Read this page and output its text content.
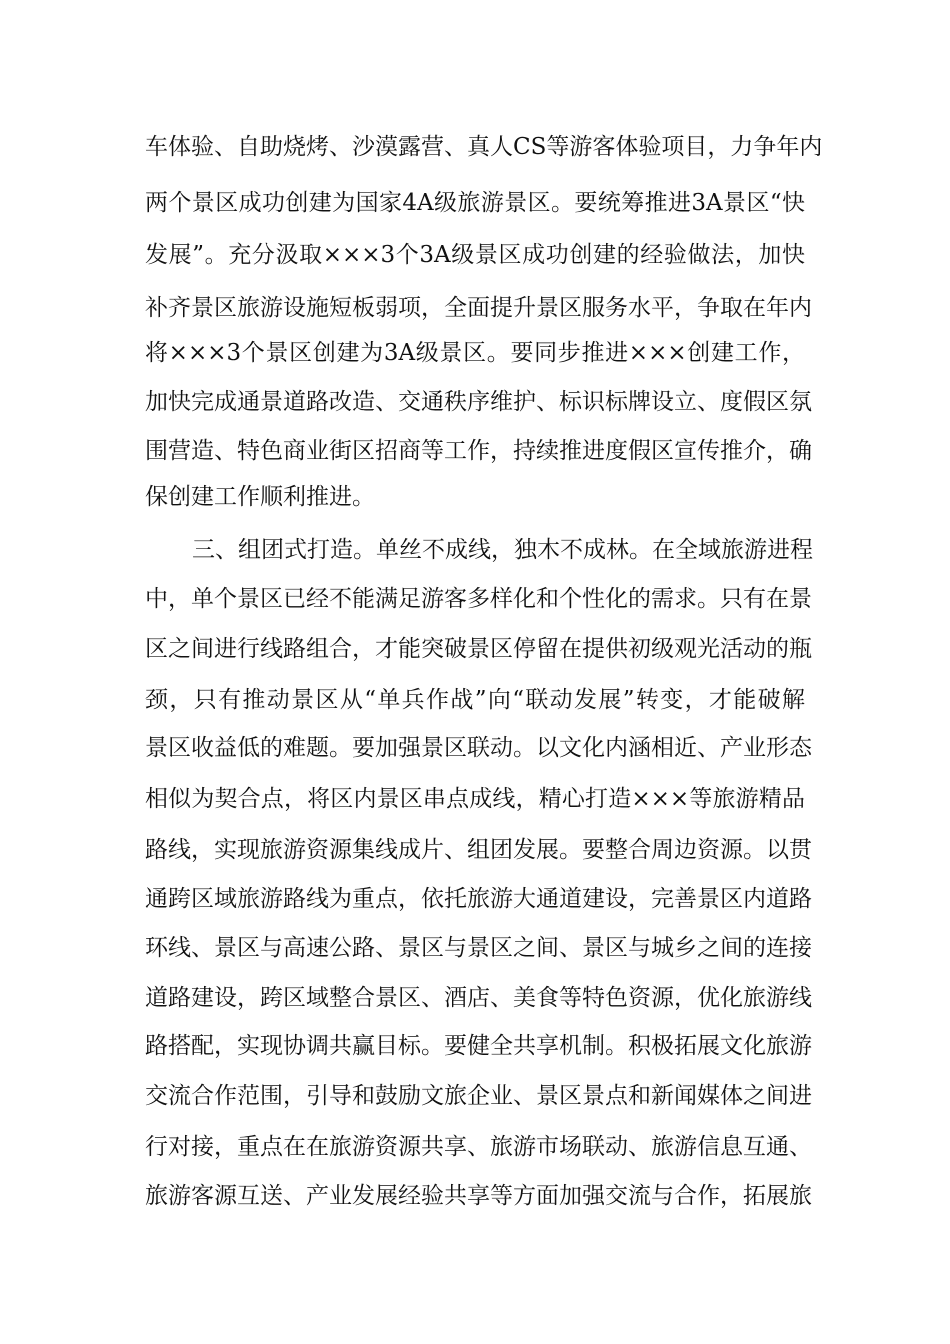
车体验、自助烧烤、沙漠露营、真人CS等游客体验项目，力争年内
两个景区成功创建为国家4A级旅游景区。要统筹推进3A景区“快
发展”。充分汲取×××3个3A级景区成功创建的经验做法，加快
补齐景区旅游设施短板弱项，全面提升景区服务水平，争取在年内
将×××3个景区创建为3A级景区。要同步推进×××创建工作，
加快完成通景道路改造、交通秩序维护、标识标牌设立、度假区氛
围营造、特色商业街区招商等工作，持续推进度假区宣传推介，确
保创建工作顺利推进。
三、组团式打造。单丝不成线，独木不成林。在全域旅游进程
中，单个景区已经不能满足游客多样化和个性化的需求。只有在景
区之间进行线路组合，才能突破景区停留在提供初级观光活动的瓶
颈，只有推动景区从“单兵作战”向“联动发展”转变，才能破解
景区收益低的难题。要加强景区联动。以文化内涵相近、产业形态
相似为契合点，将区内景区串点成线，精心打造×××等旅游精品
路线，实现旅游资源集线成片、组团发展。要整合周边资源。以贯
通跨区域旅游路线为重点，依托旅游大通道建设，完善景区内道路
环线、景区与高速公路、景区与景区之间、景区与城乡之间的连接
道路建设，跨区域整合景区、酒店、美食等特色资源，优化旅游线
路搭配，实现协调共赢目标。要健全共享机制。积极拓展文化旅游
交流合作范围，引导和鼓励文旅企业、景区景点和新闻媒体之间进
行对接，重点在在旅游资源共享、旅游市场联动、旅游信息互通、
旅游客源互送、产业发展经验共享等方面加强交流与合作，拓展旅
